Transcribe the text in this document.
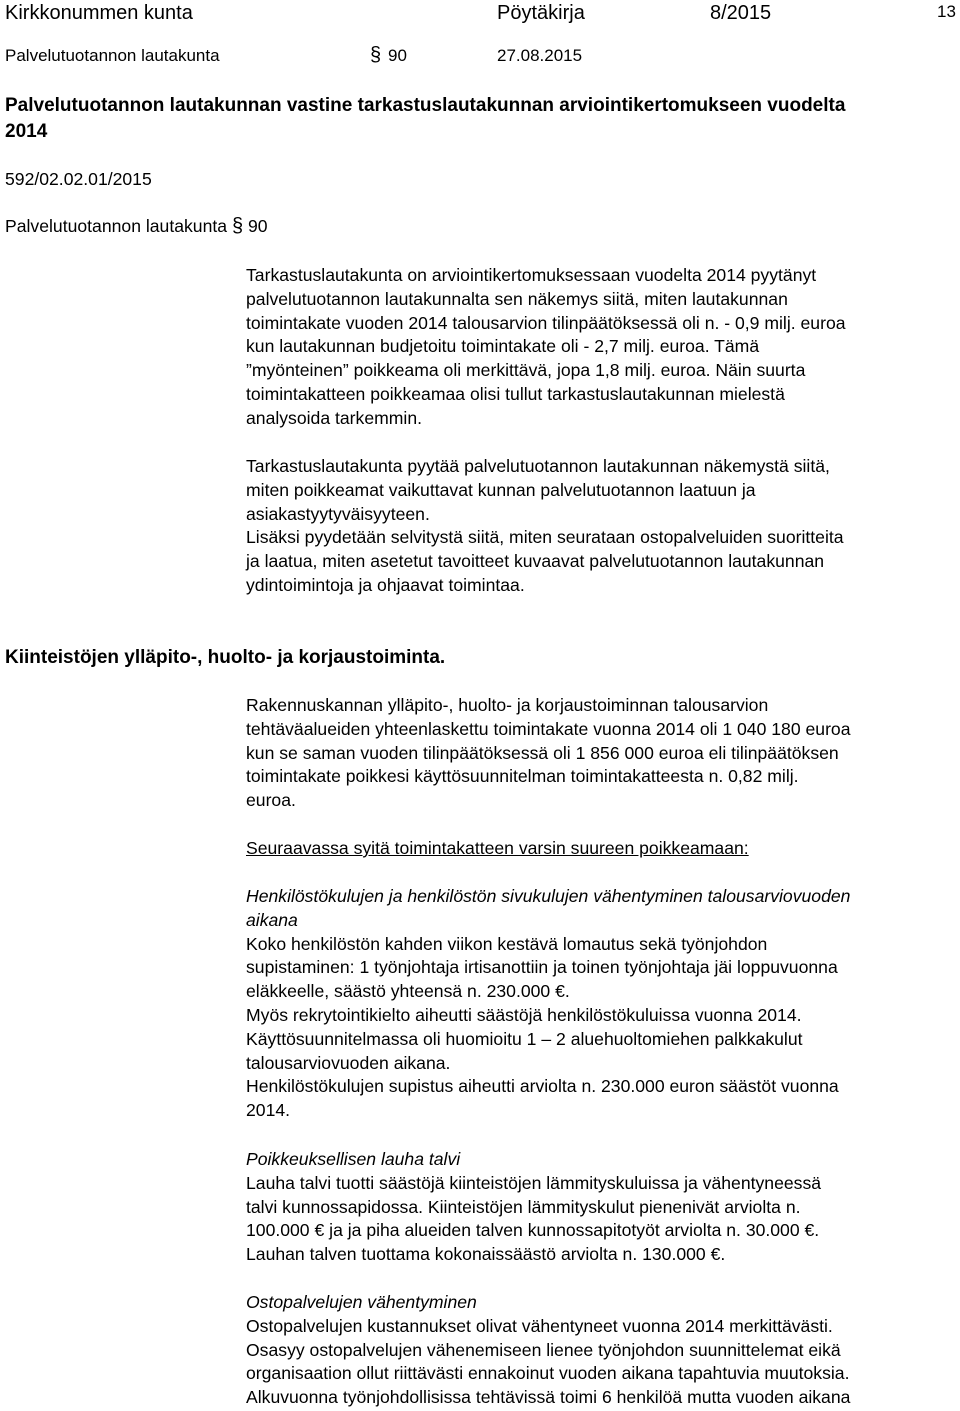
Kirkkonummen kunta	Pöytäkirja	8/2015	13
Palvelutuotannon lautakunta	§ 90	27.08.2015
Palvelutuotannon lautakunnan vastine tarkastuslautakunnan arviointikertomukseen vuodelta
2014
592/02.02.01/2015
Palvelutuotannon lautakunta § 90
Tarkastuslautakunta on arviointikertomuksessaan vuodelta 2014 pyytänyt
palvelutuotannon lautakunnalta sen näkemys siitä, miten lautakunnan
toimintakate vuoden 2014 talousarvion tilinpäätöksessä oli n. - 0,9 milj. euroa
kun lautakunnan budjetoitu toimintakate oli - 2,7 milj. euroa. Tämä
”myönteinen” poikkeama oli merkittävä, jopa 1,8 milj. euroa. Näin suurta
toimintakatteen poikkeamaa olisi tullut tarkastuslautakunnan mielestä
analysoida tarkemmin.
Tarkastuslautakunta pyytää palvelutuotannon lautakunnan näkemystä siitä,
miten poikkeamat vaikuttavat kunnan palvelutuotannon laatuun ja
asiakastyytyväisyyteen.
Lisäksi pyydetään selvitystä siitä, miten seurataan ostopalveluiden suoritteita
ja laatua, miten asetetut tavoitteet kuvaavat palvelutuotannon lautakunnan
ydintoimintoja ja ohjaavat toimintaa.
Kiinteistöjen ylläpito-, huolto- ja korjaustoiminta.
Rakennuskannan ylläpito-, huolto- ja korjaustoiminnan talousarvion
tehtäväalueiden yhteenlaskettu toimintakate vuonna 2014 oli 1 040 180 euroa
kun se saman vuoden tilinpäätöksessä oli 1 856 000 euroa eli tilinpäätöksen
toimintakate poikkesi käyttösuunnitelman toimintakatteesta n. 0,82 milj.
euroa.
Seuraavassa syitä toimintakatteen varsin suureen poikkeamaan:
Henkilöstökulujen ja henkilöstön sivukulujen vähentyminen talousarviovuoden
aikana
Koko henkilöstön kahden viikon kestävä lomautus sekä työnjohdon
supistaminen: 1 työnjohtaja irtisanottiin ja toinen työnjohtaja jäi loppuvuonna
eläkkeelle, säästö yhteensä n. 230.000 €.
Myös rekrytointikielto aiheutti säästöjä henkilöstökuluissa vuonna 2014.
Käyttösuunnitelmassa oli huomioitu 1 – 2 aluehuoltomiehen palkkakulut
talousarviovuoden aikana.
Henkilöstökulujen supistus aiheutti arviolta n. 230.000 euron säästöt vuonna
2014.
Poikkeuksellisen lauha talvi
Lauha talvi tuotti säästöjä kiinteistöjen lämmityskuluissa ja vähentyneessä
talvi kunnossapidossa. Kiinteistöjen lämmityskulut pienenivät arviolta n.
100.000 € ja ja piha alueiden talven kunnossapitotyöt arviolta n. 30.000 €.
Lauhan talven tuottama kokonaissäästö arviolta n. 130.000 €.
Ostopalvelujen vähentyminen
Ostopalvelujen kustannukset olivat vähentyneet vuonna 2014 merkittävästi.
Osasyy ostopalvelujen vähenemiseen lienee työnjohdon suunnittelemat eikä
organisaation ollut riittävästi ennakoinut vuoden aikana tapahtuvia muutoksia.
Alkuvuonna työnjohdollisissa tehtävissä toimi 6 henkilöä mutta vuoden aikana
